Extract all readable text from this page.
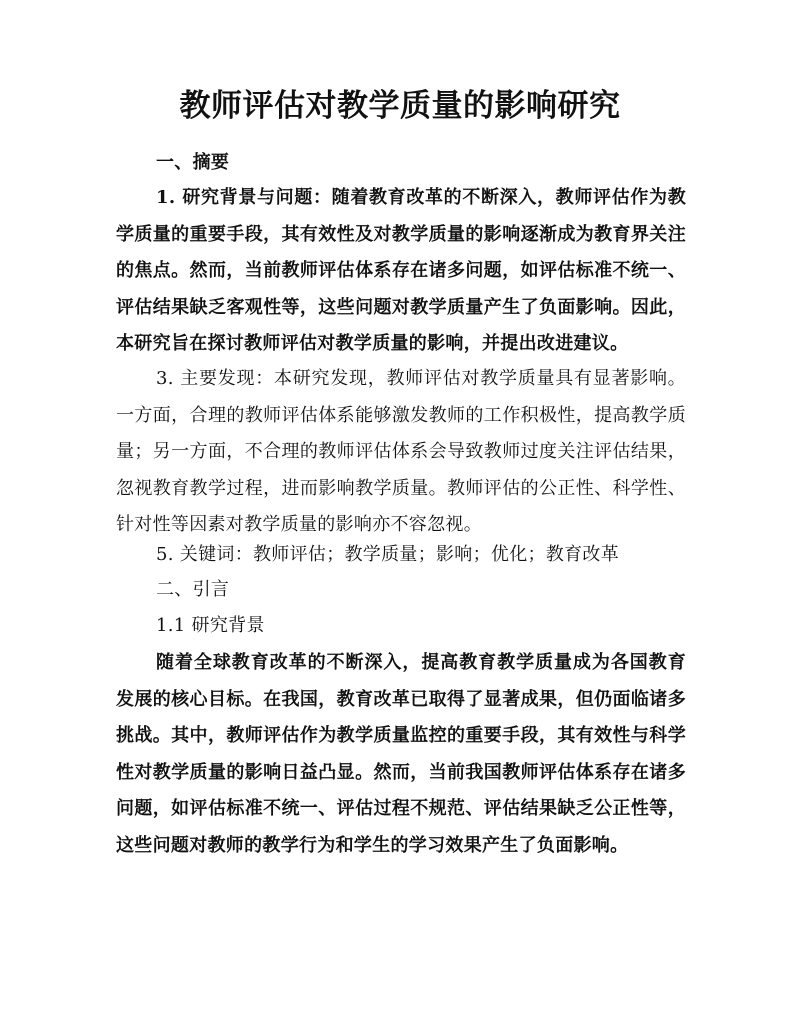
教师评估对教学质量的影响研究
一、摘要
1. 研究背景与问题：随着教育改革的不断深入，教师评估作为教学质量的重要手段，其有效性及对教学质量的影响逐渐成为教育界关注的焦点。然而，当前教师评估体系存在诸多问题，如评估标准不统一、评估结果缺乏客观性等，这些问题对教学质量产生了负面影响。因此，本研究旨在探讨教师评估对教学质量的影响，并提出改进建议。
3. 主要发现：本研究发现，教师评估对教学质量具有显著影响。一方面，合理的教师评估体系能够激发教师的工作积极性，提高教学质量；另一方面，不合理的教师评估体系会导致教师过度关注评估结果，忽视教育教学过程，进而影响教学质量。教师评估的公正性、科学性、针对性等因素对教学质量的影响亦不容忽视。
5. 关键词：教师评估；教学质量；影响；优化；教育改革
二、引言
1.1 研究背景
随着全球教育改革的不断深入，提高教育教学质量成为各国教育发展的核心目标。在我国，教育改革已取得了显著成果，但仍面临诸多挑战。其中，教师评估作为教学质量监控的重要手段，其有效性与科学性对教学质量的影响日益凸显。然而，当前我国教师评估体系存在诸多问题，如评估标准不统一、评估过程不规范、评估结果缺乏公正性等，这些问题对教师的教学行为和学生的学习效果产生了负面影响。
